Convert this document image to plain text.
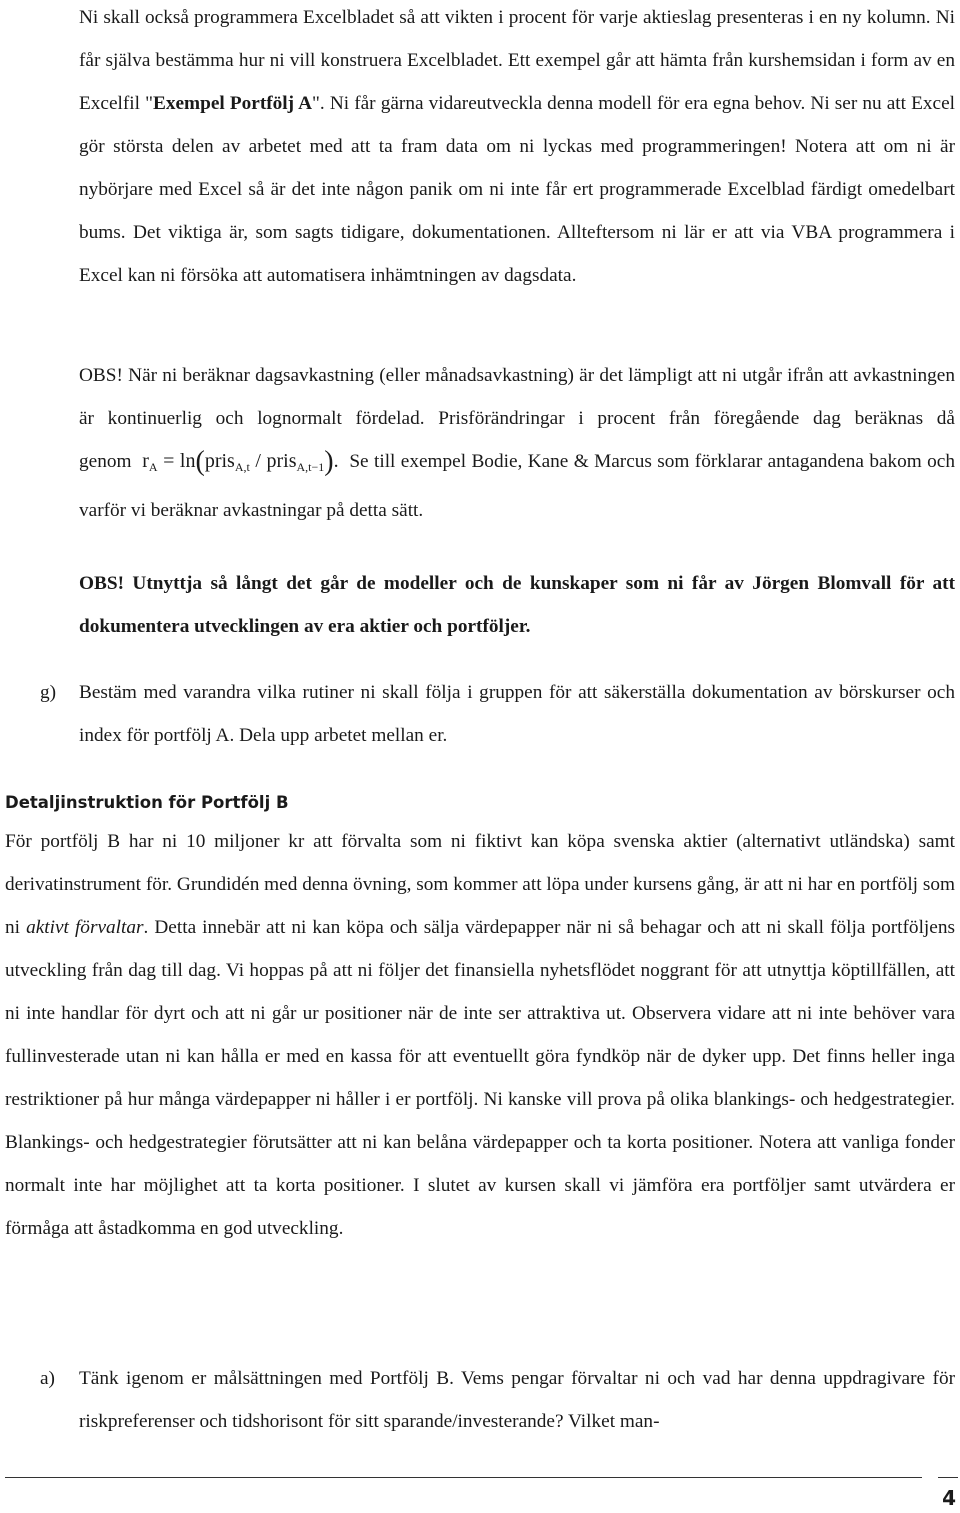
Ni skall också programmera Excelbladet så att vikten i procent för varje aktieslag presenteras i en ny kolumn. Ni får själva bestämma hur ni vill konstruera Excelbladet. Ett exempel går att hämta från kurshemsidan i form av en Excelfil "Exempel Portfölj A". Ni får gärna vidareutveckla denna modell för era egna behov. Ni ser nu att Excel gör största delen av arbetet med att ta fram data om ni lyckas med programmeringen! Notera att om ni är nybörjare med Excel så är det inte någon panik om ni inte får ert programmerade Excelblad färdigt omedelbart bums. Det viktiga är, som sagts tidigare, dokumentationen. Allteftersom ni lär er att via VBA programmera i Excel kan ni försöka att automatisera inhämtningen av dagsdata.

OBS! När ni beräknar dagsavkastning (eller månadsavkastning) är det lämpligt att ni utgår ifrån att avkastningen är kontinuerlig och lognormalt fördelad. Prisförändringar i procent från föregående dag beräknas då genom $r_A$ = ln(pris$_{A,t}$ / pris$_{A,t-1}$). Se till exempel Bodie, Kane & Marcus som förklarar antagandena bakom och varför vi beräknar avkastningar på detta sätt.

OBS! Utnyttja så långt det går de modeller och de kunskaper som ni får av Jörgen Blomvall för att dokumentera utvecklingen av era aktier och portföljer.

g) Bestäm med varandra vilka rutiner ni skall följa i gruppen för att säkerställa dokumentation av börskurser och index för portfölj A. Dela upp arbetet mellan er.

Detaljinstruktion för Portfölj B

För portfölj B har ni 10 miljoner kr att förvalta som ni fiktivt kan köpa svenska aktier (alternativt utländska) samt derivatinstrument för. Grundidén med denna övning, som kommer att löpa under kursens gång, är att ni har en portfölj som ni aktivt förvaltar. Detta innebär att ni kan köpa och sälja värdepapper när ni så behagar och att ni skall följa portföljens utveckling från dag till dag. Vi hoppas på att ni följer det finansiella nyhetsflödet noggrant för att utnyttja köptillfällen, att ni inte handlar för dyrt och att ni går ur positioner när de inte ser attraktiva ut. Observera vidare att ni inte behöver vara fullinvesterade utan ni kan hålla er med en kassa för att eventuellt göra fyndköp när de dyker upp. Det finns heller inga restriktioner på hur många värdepapper ni håller i er portfölj. Ni kanske vill prova på olika blankings- och hedgestrategier. Blankings- och hedgestrategier förutsätter att ni kan belåna värdepapper och ta korta positioner. Notera att vanliga fonder normalt inte har möjlighet att ta korta positioner. I slutet av kursen skall vi jämföra era portföljer samt utvärdera er förmåga att åstadkomma en god utveckling.

a) Tänk igenom er målsättningen med Portfölj B. Vems pengar förvaltar ni och vad har denna uppdragivare för riskpreferenser och tidshorisont för sitt sparande/investerande? Vilket man-

4
